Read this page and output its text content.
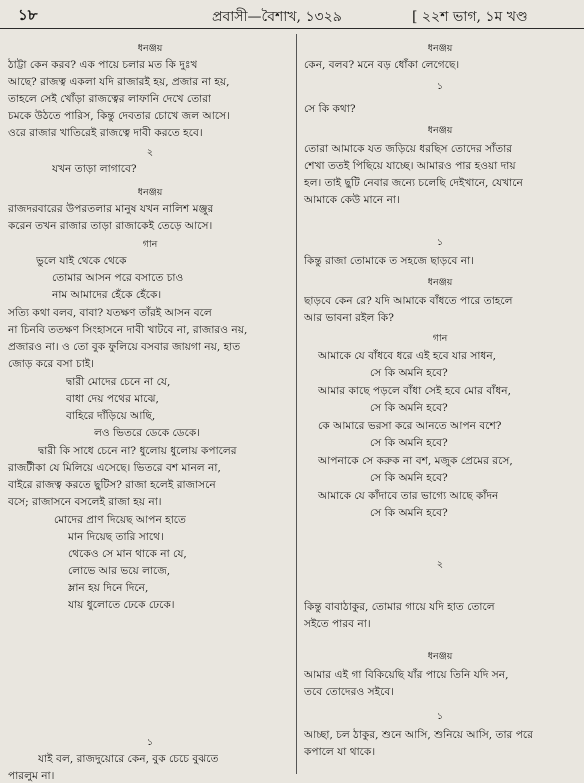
১৮	প্রবাসী—বৈশাখ, ১৩২৯	[ ২২শ ভাগ, ১ম খণ্ড
ধনঞ্জয়
ঠাট্টা কেন করব? এক পায়ে চলার মত কি দুঃখ
আছে? রাজত্ব একলা যদি রাজারই হয়, প্রজার না হয়,
তাহলে সেই খোঁড়া রাজত্বের লাফানি দেখে তোরা
চমকে উঠতে পারিস, কিন্তু দেবতার চোখে জল আসে।
ওরে রাজার খাতিরেই রাজত্বে দাবী করতে হবে।
২
যখন তাড়া লাগাবে?
ধনঞ্জয়
রাজদরবারের উপরতলার মানুষ যখন নালিশ মঞ্জুর
করেন তখন রাজার তাড়া রাজাকেই তেড়ে আসে।
গান
ভুলে যাই থেকে থেকে
তোমার আসন পরে বসাতে চাও
নাম আমাদের হেঁকে হেঁকে।
সত্যি কথা বলব, বাবা? যতক্ষণ তাঁরই আসন বলে
না চিনবি ততক্ষণ সিংহাসনে দাবী খাটবে না, রাজারও নয়,
প্রজারও না। ও তো বুক ফুলিয়ে বসবার জায়গা নয়, হাত
জোড় করে বসা চাই।
দ্বারী মোদের চেনে না যে,
বাধা দেয় পথের মাঝে,
বাহিরে দাঁড়িয়ে আছি,
লও ভিতরে ডেকে ডেকে।
দ্বারী কি সাধে চেনে না? ধুলোয় ধুলোয় কপালের
রাজটীকা যে মিলিয়ে এসেছে। ভিতরে বশ মানল না,
বাইরে রাজত্ব করতে ছুটিস? রাজা হলেই রাজাসনে
বসে; রাজাসনে বসলেই রাজা হয় না।
মোদের প্রাণ দিয়েছ আপন হাতে
মান দিয়েছ তারি সাথে।
থেকেও সে মান থাকে না যে,
লোভে আর ভয়ে লাজে,
ম্লান হয় দিনে দিনে,
যায় ধুলোতে ঢেকে ঢেকে।
১
যাই বল, রাজদুয়োরে কেন, বুক চেচে বুঝতে
পারলুম না।
ধনঞ্জয়
কেন, বলব? মনে বড় ধোঁকা লেগেছে।
১
সে কি কথা?
ধনঞ্জয়
তোরা আমাকে যত জড়িয়ে ধরছিস তোদের সাঁতার
শেখা ততই পিছিয়ে যাচ্ছে। আমারও পার হওয়া দায়
হল। তাই ছুটি নেবার জন্যে চলেছি দেইখানে, যেখানে
আমাকে কেউ মানে না।
১
কিন্তু রাজা তোমাকে ত সহজে ছাড়বে না।
ধনঞ্জয়
ছাড়বে কেন রে? যদি আমাকে বাঁধতে পারে তাহলে
আর ভাবনা রইল কি?
গান
আমাকে যে বাঁধবে ধরে এই হবে যার সাধন,
সে কি অমনি হবে?
আমার কাছে পড়লে বাঁধা সেই হবে মোর বাঁধন,
সে কি অমনি হবে?
কে আমারে ভরসা করে আনতে আপন বশে?
সে কি অমনি হবে?
আপনাকে সে করুক না বশ, মজুক প্রেমের রসে,
সে কি অমনি হবে?
আমাকে যে কাঁদাবে তার ভাগ্যে আছে কাঁদন
সে কি অমনি হবে?
২
কিন্তু বাবাঠাকুর, তোমার গায়ে যদি হাত তোলে
সইতে পারব না।
ধনঞ্জয়
আমার এই গা বিকিয়েছি যাঁর পায়ে তিনি যদি সন,
তবে তোদেরও সইবে।
১
আচ্ছা, চল ঠাকুর, শুনে আসি, শুনিয়ে আসি, তার পরে
কপালে যা থাকে।
